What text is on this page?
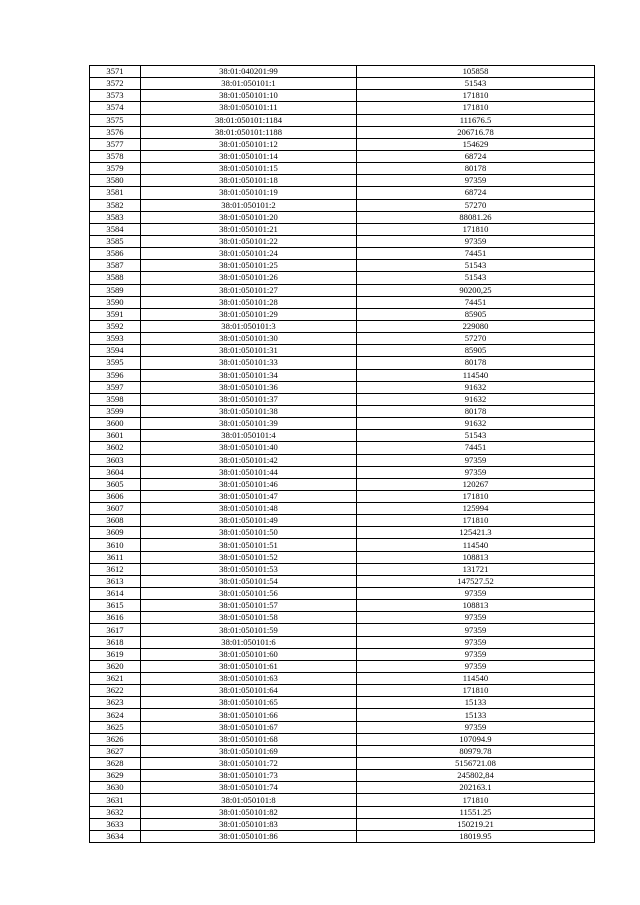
3571	38:01:040201:99	105858
3572	38:01:050101:1	51543
3573	38:01:050101:10	171810
3574	38:01:050101:11	171810
3575	38:01:050101:1184	111676.5
3576	38:01:050101:1188	206716.78
3577	38:01:050101:12	154629
3578	38:01:050101:14	68724
3579	38:01:050101:15	80178
3580	38:01:050101:18	97359
3581	38:01:050101:19	68724
3582	38:01:050101:2	57270
3583	38:01:050101:20	88081.26
3584	38:01:050101:21	171810
3585	38:01:050101:22	97359
3586	38:01:050101:24	74451
3587	38:01:050101:25	51543
3588	38:01:050101:26	51543
3589	38:01:050101:27	90200,25
3590	38:01:050101:28	74451
3591	38:01:050101:29	85905
3592	38:01:050101:3	229080
3593	38:01:050101:30	57270
3594	38:01:050101:31	85905
3595	38:01:050101:33	80178
3596	38:01:050101:34	114540
3597	38:01:050101:36	91632
3598	38:01:050101:37	91632
3599	38:01:050101:38	80178
3600	38:01:050101:39	91632
3601	38:01:050101:4	51543
3602	38:01:050101:40	74451
3603	38:01:050101:42	97359
3604	38:01:050101:44	97359
3605	38:01:050101:46	120267
3606	38:01:050101:47	171810
3607	38:01:050101:48	125994
3608	38:01:050101:49	171810
3609	38:01:050101:50	125421.3
3610	38:01:050101:51	114540
3611	38:01:050101:52	108813
3612	38:01:050101:53	131721
3613	38:01:050101:54	147527.52
3614	38:01:050101:56	97359
3615	38:01:050101:57	108813
3616	38:01:050101:58	97359
3617	38:01:050101:59	97359
3618	38:01:050101:6	97359
3619	38:01:050101:60	97359
3620	38:01:050101:61	97359
3621	38:01:050101:63	114540
3622	38:01:050101:64	171810
3623	38:01:050101:65	15133
3624	38:01:050101:66	15133
3625	38:01:050101:67	97359
3626	38:01:050101:68	107094.9
3627	38:01:050101:69	80979.78
3628	38:01:050101:72	5156721.08
3629	38:01:050101:73	245802,84
3630	38:01:050101:74	202163.1
3631	38:01:050101:8	171810
3632	38:01:050101:82	11551.25
3633	38:01:050101:83	150219.21
3634	38:01:050101:86	18019.95
